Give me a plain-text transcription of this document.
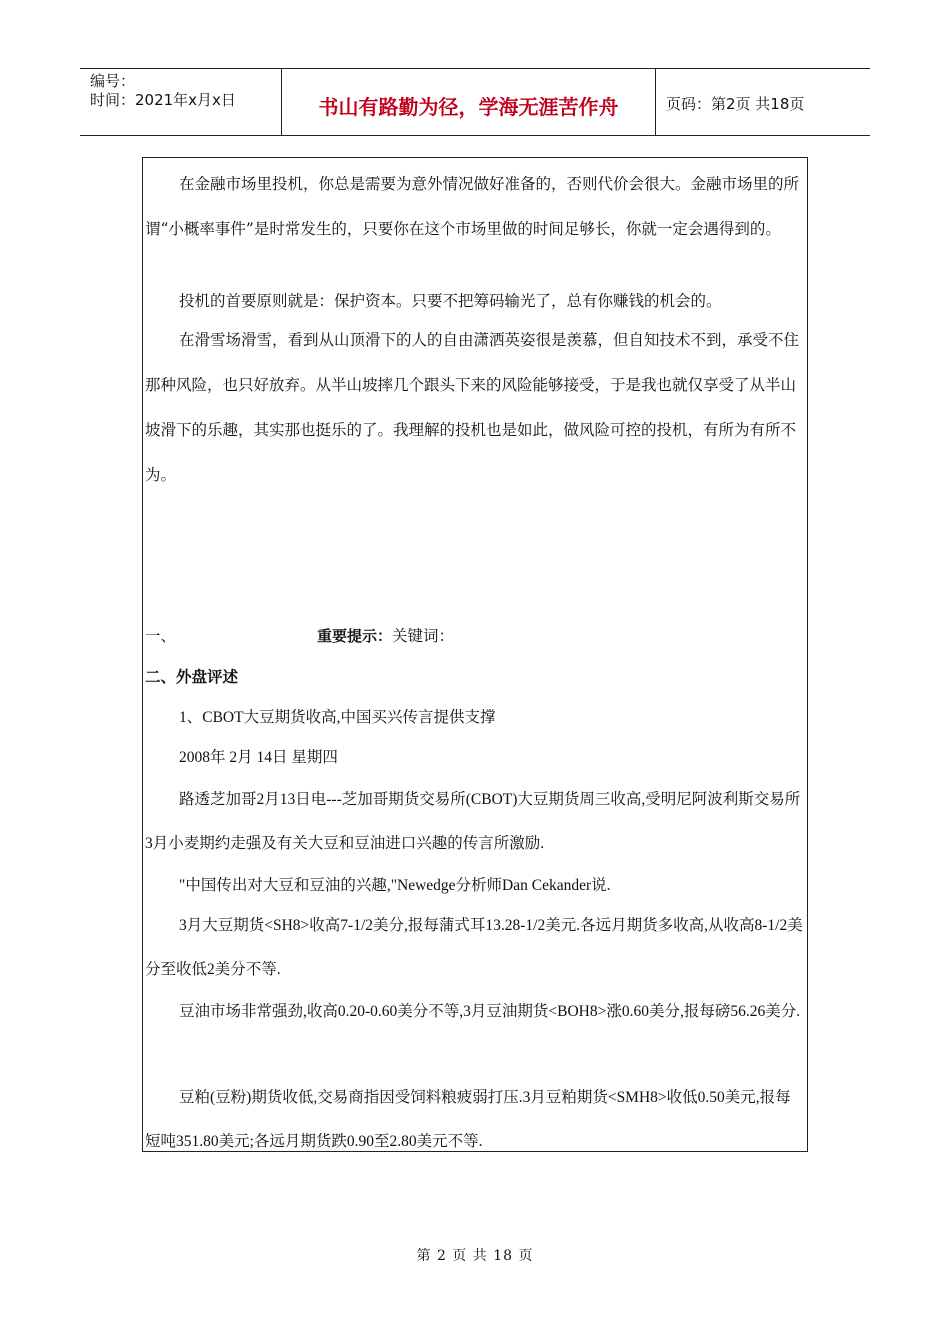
编号：
时间：2021年x月x日	书山有路勤为径，学海无涯苦作舟	页码：第2页 共18页

在金融市场里投机，你总是需要为意外情况做好准备的，否则代价会很大。金融市场里的所谓“小概率事件”是时常发生的，只要你在这个市场里做的时间足够长，你就一定会遇得到的。

投机的首要原则就是：保护资本。只要不把筹码输光了，总有你赚钱的机会的。

在滑雪场滑雪，看到从山顶滑下的人的自由潇洒英姿很是羡慕，但自知技术不到，承受不住那种风险，也只好放弃。从半山坡摔几个跟头下来的风险能够接受，于是我也就仅享受了从半山坡滑下的乐趣，其实那也挺乐的了。我理解的投机也是如此，做风险可控的投机，有所为有所不为。

一、	重要提示：关键词：

二、外盘评述

1、CBOT大豆期货收高,中国买兴传言提供支撑

2008年 2月 14日 星期四

路透芝加哥2月13日电---芝加哥期货交易所(CBOT)大豆期货周三收高,受明尼阿波利斯交易所3月小麦期约走强及有关大豆和豆油进口兴趣的传言所激励.

"中国传出对大豆和豆油的兴趣,"Newedge分析师Dan Cekander说.

3月大豆期货<SH8>收高7-1/2美分,报每蒲式耳13.28-1/2美元.各远月期货多收高,从收高8-1/2美分至收低2美分不等.

豆油市场非常强劲,收高0.20-0.60美分不等,3月豆油期货<BOH8>涨0.60美分,报每磅56.26美分.

豆粕(豆粉)期货收低,交易商指因受饲料粮疲弱打压.3月豆粕期货<SMH8>收低0.50美元,报每短吨351.80美元;各远月期货跌0.90至2.80美元不等.

第 2 页 共 18 页
